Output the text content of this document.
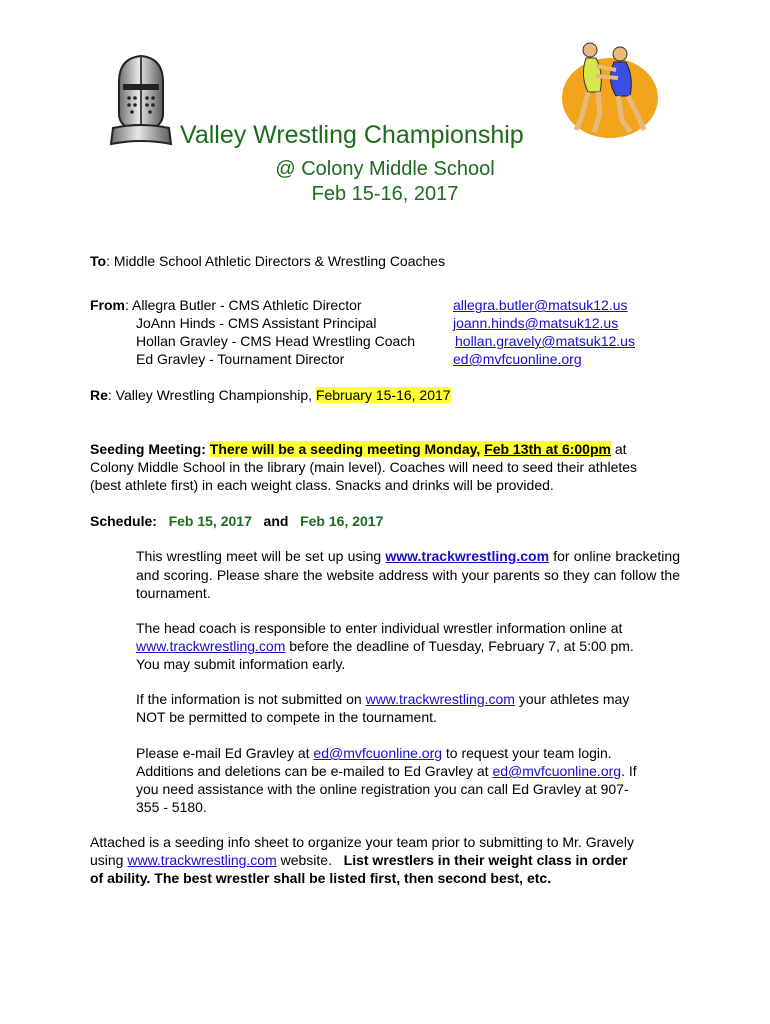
Valley Wrestling Championship
@ Colony Middle School
Feb 15-16, 2017
To: Middle School Athletic Directors & Wrestling Coaches
From: Allegra Butler - CMS Athletic Director
JoAnn Hinds - CMS Assistant Principal
Hollan Gravley - CMS Head Wrestling Coach
Ed Gravley - Tournament Director
allegra.butler@matsuk12.us
joann.hinds@matsuk12.us
hollan.gravely@matsuk12.us
ed@mvfcuonline.org
Re: Valley Wrestling Championship, February 15-16, 2017
Seeding Meeting: There will be a seeding meeting Monday, Feb 13th at 6:00pm at
Colony Middle School in the library (main level). Coaches will need to seed their athletes
(best athlete first) in each weight class. Snacks and drinks will be provided.
Schedule: Feb 15, 2017 and Feb 16, 2017
This wrestling meet will be set up using www.trackwrestling.com for online bracketing and scoring. Please share the website address with your parents so they can follow the tournament.
The head coach is responsible to enter individual wrestler information online at
www.trackwrestling.com before the deadline of Tuesday, February 7, at 5:00 pm.
You may submit information early.
If the information is not submitted on www.trackwrestling.com your athletes may
NOT be permitted to compete in the tournament.
Please e-mail Ed Gravley at ed@mvfcuonline.org to request your team login.
Additions and deletions can be e-mailed to Ed Gravley at ed@mvfcuonline.org. If
you need assistance with the online registration you can call Ed Gravley at 907-
355 - 5180.
Attached is a seeding info sheet to organize your team prior to submitting to Mr. Gravely
using www.trackwrestling.com website.   List wrestlers in their weight class in order
of ability. The best wrestler shall be listed first, then second best, etc.
